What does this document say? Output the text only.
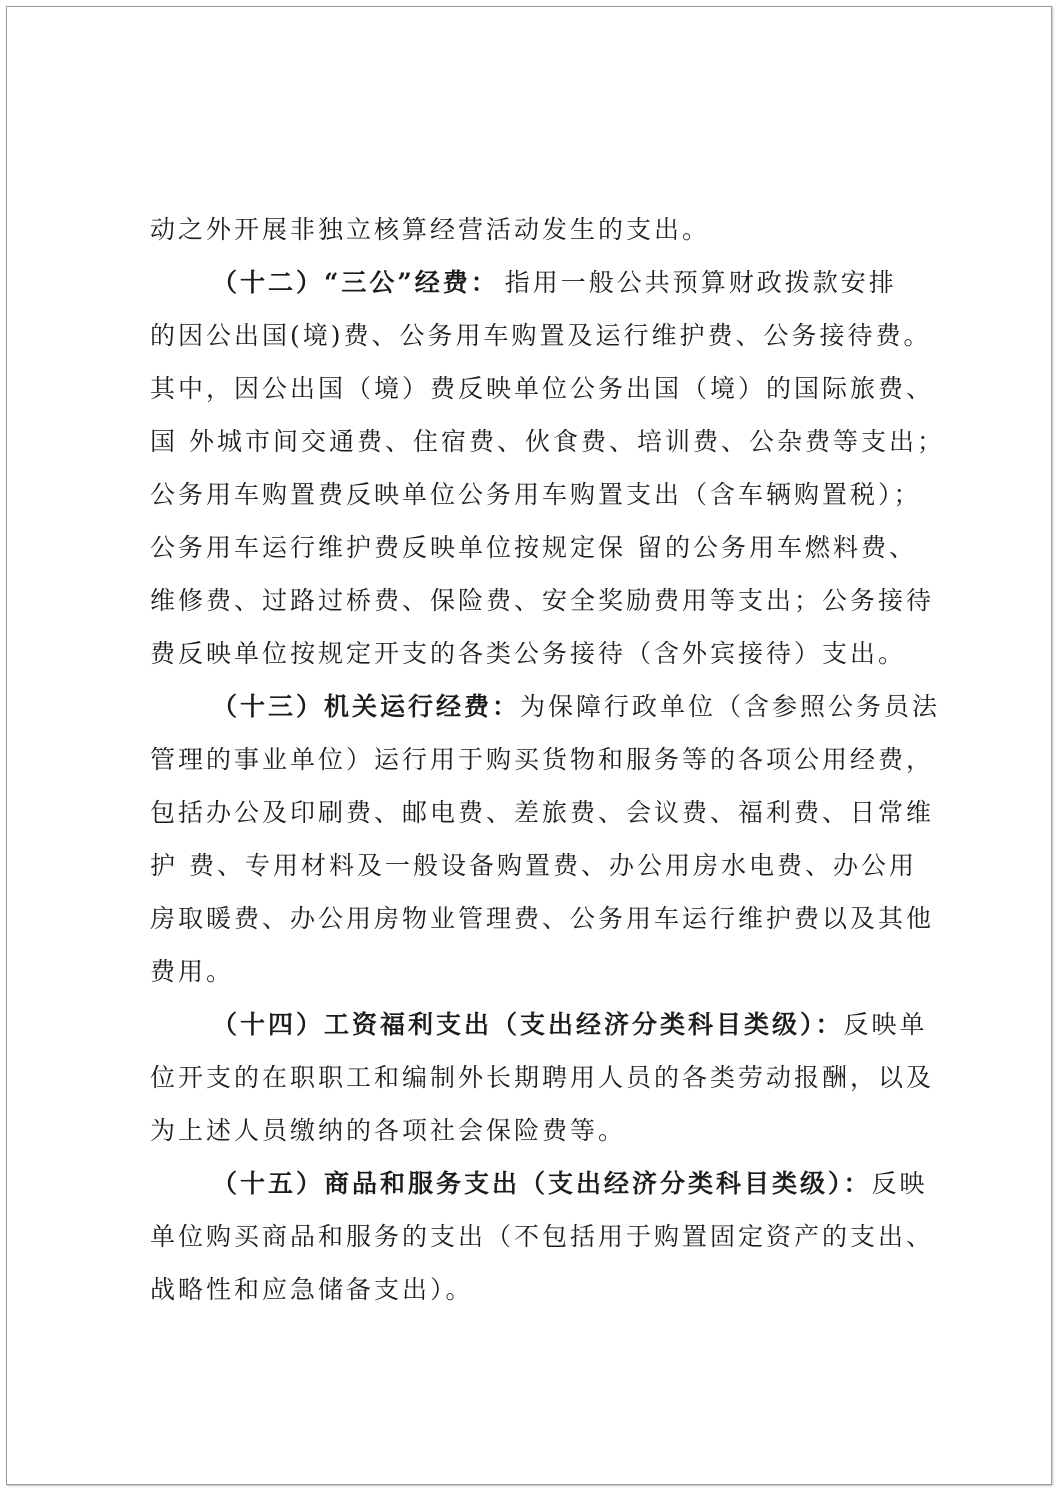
动之外开展非独立核算经营活动发生的支出。
（十二）“三公”经费： 指用一般公共预算财政拨款安排
的因公出国(境)费、公务用车购置及运行维护费、公务接待费。
其中，因公出国（境）费反映单位公务出国（境）的国际旅费、
国 外城市间交通费、住宿费、伙食费、培训费、公杂费等支出；
公务用车购置费反映单位公务用车购置支出（含车辆购置税）；
公务用车运行维护费反映单位按规定保 留的公务用车燃料费、
维修费、过路过桥费、保险费、安全奖励费用等支出；公务接待
费反映单位按规定开支的各类公务接待（含外宾接待）支出。
（十三）机关运行经费：为保障行政单位（含参照公务员法
管理的事业单位）运行用于购买货物和服务等的各项公用经费，
包括办公及印刷费、邮电费、差旅费、会议费、福利费、日常维
护 费、专用材料及一般设备购置费、办公用房水电费、办公用
房取暖费、办公用房物业管理费、公务用车运行维护费以及其他
费用。
（十四）工资福利支出（支出经济分类科目类级）：反映单
位开支的在职职工和编制外长期聘用人员的各类劳动报酬，以及
为上述人员缴纳的各项社会保险费等。
（十五）商品和服务支出（支出经济分类科目类级）：反映
单位购买商品和服务的支出（不包括用于购置固定资产的支出、
战略性和应急储备支出）。
